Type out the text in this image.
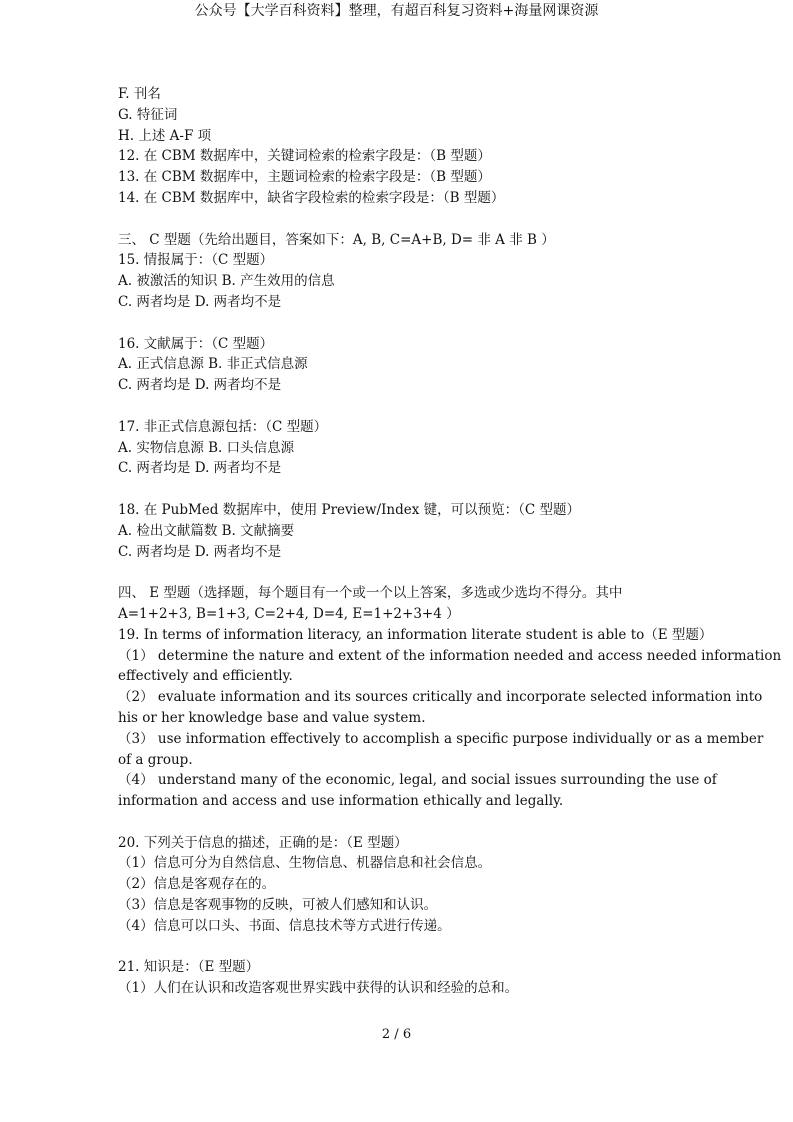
公众号【大学百科资料】整理，有超百科复习资料+海量网课资源
F. 刊名
G. 特征词
H. 上述 A-F 项
12. 在 CBM 数据库中，关键词检索的检索字段是：（B 型题）
13. 在 CBM 数据库中，主题词检索的检索字段是：（B 型题）
14. 在 CBM 数据库中，缺省字段检索的检索字段是：（B 型题）
三、 C 型题（先给出题目，答案如下：A, B, C=A+B, D= 非 A 非 B ）
15. 情报属于：（C 型题）
A. 被激活的知识 B. 产生效用的信息
C. 两者均是 D. 两者均不是
16. 文献属于：（C 型题）
A. 正式信息源 B. 非正式信息源
C. 两者均是 D. 两者均不是
17. 非正式信息源包括：（C 型题）
A. 实物信息源 B. 口头信息源
C. 两者均是 D. 两者均不是
18. 在 PubMed 数据库中，使用 Preview/Index 键，可以预览：（C 型题）
A. 检出文献篇数 B. 文献摘要
C. 两者均是 D. 两者均不是
四、 E 型题（选择题，每个题目有一个或一个以上答案，多选或少选均不得分。其中
A=1+2+3, B=1+3, C=2+4, D=4, E=1+2+3+4 ）
19. In terms of information literacy, an information literate student is able to（E 型题）
（1） determine the nature and extent of the information needed and access needed information
effectively and efficiently.
（2） evaluate information and its sources critically and incorporate selected information into
his or her knowledge base and value system.
（3） use information effectively to accomplish a specific purpose individually or as a member
of a group.
（4） understand many of the economic, legal, and social issues surrounding the use of
information and access and use information ethically and legally.
20. 下列关于信息的描述，正确的是：（E 型题）
（1）信息可分为自然信息、生物信息、机器信息和社会信息。
（2）信息是客观存在的。
（3）信息是客观事物的反映，可被人们感知和认识。
（4）信息可以口头、书面、信息技术等方式进行传递。
21. 知识是：（E 型题）
（1）人们在认识和改造客观世界实践中获得的认识和经验的总和。
2 / 6
